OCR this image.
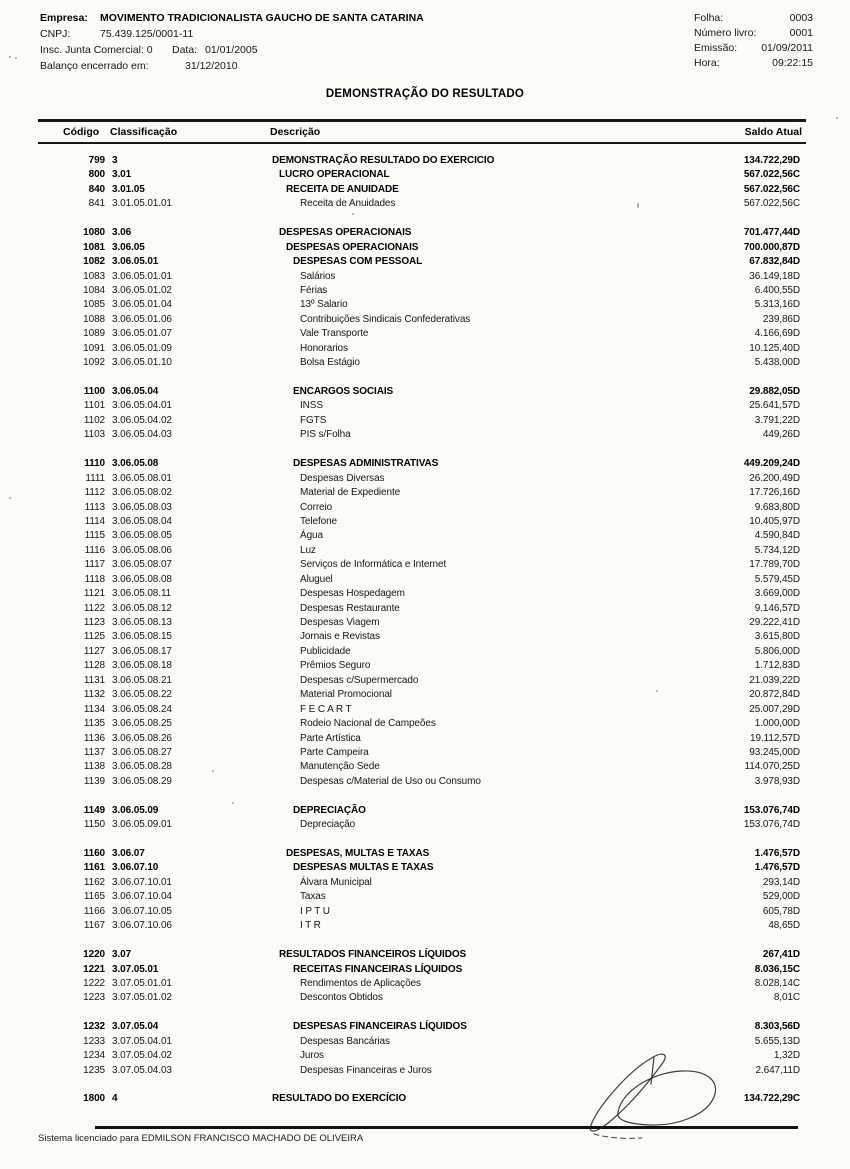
Empresa: MOVIMENTO TRADICIONALISTA GAUCHO DE SANTA CATARINA
CNPJ:	75.439.125/0001-11
Insc. Junta Comercial: 0 Data: 01/01/2005
Balanço encerrado em:	31/12/2010
Folha:	0003
Número livro:	0001
Emissão: 01/09/2011
Hora:	09:22:15
DEMONSTRAÇÃO DO RESULTADO
Código Classificação	Descrição	Saldo Atual
799 3	DEMONSTRAÇÃO RESULTADO DO EXERCICIO	134.722,29D
800 3.01	LUCRO OPERACIONAL	567.022,56C
840 3.01.05	RECEITA DE ANUIDADE	567.022,56C
841 3.01.05.01.01	Receita de Anuidades	567.022,56C
1080 3.06	DESPESAS OPERACIONAIS	701.477,44D
1081 3.06.05	DESPESAS OPERACIONAIS	700.000,87D
1082 3.06.05.01	DESPESAS COM PESSOAL	67.832,84D
1083 3.06.05.01.01	Salários	36.149,18D
1084 3.06.05.01.02	Férias	6.400,55D
1085 3.06.05.01.04	13º Salario	5.313,16D
1088 3.06.05.01.06	Contribuições Sindicais Confederativas	239,86D
1089 3.06.05.01.07	Vale Transporte	4.166,69D
1091 3.06.05.01.09	Honorarios	10.125,40D
1092 3.06.05.01.10	Bolsa Estágio	5.438,00D
1100 3.06.05.04	ENCARGOS SOCIAIS	29.882,05D
1101 3.06.05.04.01	INSS	25.641,57D
1102 3.06.05.04.02	FGTS	3.791,22D
1103 3.06.05.04.03	PIS s/Folha	449,26D
1110 3.06.05.08	DESPESAS ADMINISTRATIVAS	449.209,24D
1111 3.06.05.08.01	Despesas Diversas	26.200,49D
1112 3.06.05.08.02	Material de Expediente	17.726,16D
1113 3.06.05.08.03	Correio	9.683,80D
1114 3.06.05.08.04	Telefone	10.405,97D
1115 3.06.05.08.05	Água	4.590,84D
1116 3.06.05.08.06	Luz	5.734,12D
1117 3.06.05.08.07	Serviços de Informática e Internet	17.789,70D
1118 3.06.05.08.08	Aluguel	5.579,45D
1121 3.06.05.08.11	Despesas Hospedagem	3.669,00D
1122 3.06.05.08.12	Despesas Restaurante	9.146,57D
1123 3.06.05.08.13	Despesas Viagem	29.222,41D
1125 3.06.05.08.15	Jornais e Revistas	3.615,80D
1127 3.06.05.08.17	Publicidade	5.806,00D
1128 3.06.05.08.18	Prêmios Seguro	1.712,83D
1131 3.06.05.08.21	Despesas c/Supermercado	21.039,22D
1132 3.06.05.08.22	Material Promocional	20.872,84D
1134 3.06.05.08.24	F E C A R T	25.007,29D
1135 3.06.05.08.25	Rodeio Nacional de Campeões	1.000,00D
1136 3.06.05.08.26	Parte Artística	19.112,57D
1137 3.06.05.08.27	Parte Campeira	93.245,00D
1138 3.06.05.08.28	Manutenção Sede	114.070,25D
1139 3.06.05.08.29	Despesas c/Material de Uso ou Consumo	3.978,93D
1149 3.06.05.09	DEPRECIAÇÃO	153.076,74D
1150 3.06.05.09.01	Depreciação	153.076,74D
1160 3.06.07	DESPESAS, MULTAS E TAXAS	1.476,57D
1161 3.06.07.10	DESPESAS MULTAS E TAXAS	1.476,57D
1162 3.06.07.10.01	Álvara Municipal	293,14D
1165 3.06.07.10.04	Taxas	529,00D
1166 3.06.07.10.05	I P T U	605,78D
1167 3.06.07.10.06	I T R	48,65D
1220 3.07	RESULTADOS FINANCEIROS LÍQUIDOS	267,41D
1221 3.07.05.01	RECEITAS FINANCEIRAS LÍQUIDOS	8.036,15C
1222 3.07.05.01.01	Rendimentos de Aplicações	8.028,14C
1223 3.07.05.01.02	Descontos Obtidos	8,01C
1232 3.07.05.04	DESPESAS FINANCEIRAS LÍQUIDOS	8.303,56D
1233 3.07.05.04.01	Despesas Bancárias	5.655,13D
1234 3.07.05.04.02	Juros	1,32D
1235 3.07.05.04.03	Despesas Financeiras e Juros	2.647,11D
1800 4	RESULTADO DO EXERCÍCIO	134.722,29C
Sistema licenciado para EDMILSON FRANCISCO MACHADO DE OLIVEIRA
